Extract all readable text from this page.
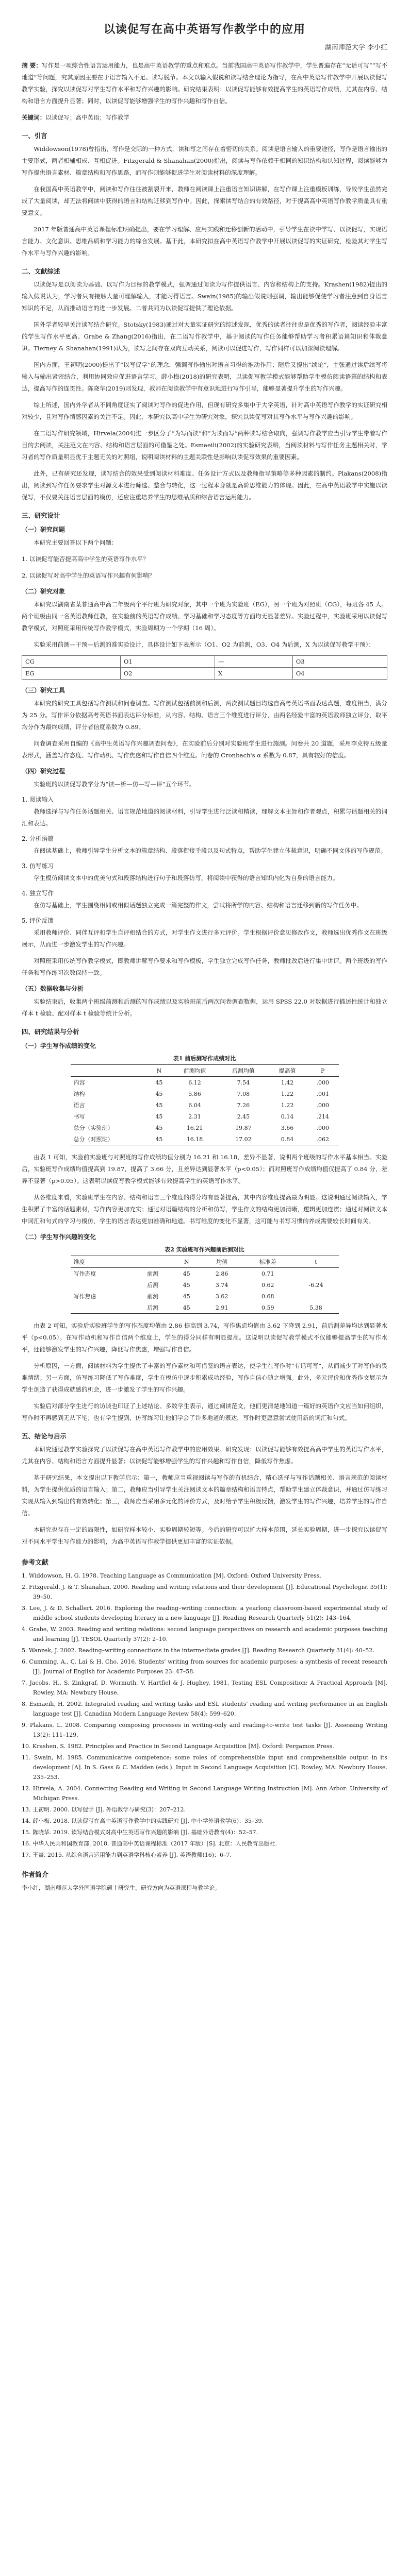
以读促写在高中英语写作教学中的应用
湖南师范大学 李小红

摘 要：写作是一项综合性语言运用能力，也是高中英语教学的重点和难点。当前我国高中英语写作教学中，学生普遍存在“无话可写”“写不地道”等问题，究其原因主要在于语言输入不足、读写脱节。本文以输入假说和读写结合理论为指导，在高中英语写作教学中开展以读促写教学实验，探究以读促写对学生写作水平和写作兴趣的影响。研究结果表明：以读促写能够有效提高学生的英语写作成绩，尤其在内容、结构和语言方面提升显著；同时，以读促写能够增强学生的写作兴趣和写作自信。

关键词：以读促写；高中英语；写作教学

一、引言

Widdowson(1978)曾指出，写作是交际的一种方式，读和写之间存在着密切的关系。阅读是语言输入的重要途径，写作是语言输出的主要形式，两者相辅相成、互相促进。Fitzgerald & Shanahan(2000)指出，阅读与写作依赖于相同的知识结构和认知过程，阅读能够为写作提供语言素材、篇章结构和写作思路，而写作则能够促进学生对阅读材料的深度理解。

在我国高中英语教学中，阅读和写作往往被割裂开来，教师在阅读课上注重语言知识讲解，在写作课上注重模板训练，导致学生虽然完成了大量阅读，却无法将阅读中获得的语言和结构迁移到写作中。因此，探索读写结合的有效路径，对于提高高中英语写作教学质量具有重要意义。

2017 年版普通高中英语课程标准明确提出，要在学习理解、应用实践和迁移创新的活动中，引导学生在读中学写、以读促写，实现语言能力、文化意识、思维品质和学习能力的综合发展。基于此，本研究拟在高中英语写作教学中开展以读促写的实证研究，检验其对学生写作水平与写作兴趣的影响。

二、文献综述

以读促写是以阅读为基础、以写作为目标的教学模式，强调通过阅读为写作提供语言、内容和结构上的支持。Krashen(1982)提出的输入假说认为，学习者只有接触大量可理解输入，才能习得语言。Swain(1985)的输出假说则强调，输出能够促使学习者注意到自身语言知识的不足，从而推动语言的进一步发展。二者共同为以读促写提供了理论依据。

国外学者较早关注读写结合研究。Stotsky(1983)通过对大量实证研究的综述发现，优秀的读者往往也是优秀的写作者，阅读经验丰富的学生写作水平更高。Grabe & Zhang(2016)指出，在二语写作教学中，基于阅读的写作任务能够帮助学习者积累语篇知识和体裁意识。Tierney & Shanahan(1991)认为，读写之间存在双向互动关系，阅读可以促进写作，写作同样可以加深阅读理解。

国内方面，王初明(2000)提出了“以写促学”的理念，强调写作输出对语言习得的推动作用；随后又提出“续论”，主张通过读后续写将输入与输出紧密结合，利用协同效应促进语言学习。薛小梅(2018)的研究表明，以读促写教学模式能够帮助学生模仿阅读语篇的结构和表达，提高写作的连贯性。陈晓华(2019)则发现，教师在阅读教学中有意识地进行写作引导，能够显著提升学生的写作兴趣。

综上所述，国内外学者从不同角度证实了阅读对写作的促进作用，但现有研究多集中于大学英语，针对高中英语写作教学的实证研究相对较少，且对写作情感因素的关注不足。因此，本研究以高中学生为研究对象，探究以读促写对其写作水平与写作兴趣的影响。

在二语写作研究领域，Hirvela(2004)进一步区分了“为写而读”和“为读而写”两种读写结合取向，强调写作教学应当引导学生带着写作目的去阅读，关注范文在内容、结构和语言层面的可借鉴之处。Esmaeili(2002)的实验研究表明，当阅读材料与写作任务主题相关时，学习者的写作质量明显优于主题无关的对照组，说明阅读材料的主题关联性是影响以读促写效果的重要因素。

此外，已有研究还发现，读写结合的效果受到阅读材料难度、任务设计方式以及教师指导策略等多种因素的制约。Plakans(2008)指出，阅读到写作任务要求学生对源文本进行筛选、整合与转化，这一过程本身就是高阶思维能力的体现。因此，在高中英语教学中实施以读促写，不仅要关注语言层面的模仿，还应注重培养学生的思维品质和综合语言运用能力。

三、研究设计
（一）研究问题

本研究主要回答以下两个问题：

1. 以读促写能否提高高中学生的英语写作水平？

2. 以读促写对高中学生的英语写作兴趣有何影响？

（二）研究对象

本研究以湖南省某普通高中高二年级两个平行班为研究对象，其中一个班为实验班（EG），另一个班为对照班（CG），每班各 45 人。两个班级由同一名英语教师任教，在实验前的英语写作成绩、学习基础和学习态度等方面均无显著差异。实验过程中，实验班采用以读促写教学模式，对照班采用传统写作教学模式，实验周期为一个学期（16 周）。

实验采用前测—干预—后测的准实验设计，具体设计如下表所示（O1、O2 为前测，O3、O4 为后测，X 为以读促写教学干预）：

CG	O1	—	O3
EG	O2	X	O4
（三）研究工具

本研究的研究工具包括写作测试和问卷调查。写作测试包括前测和后测，两次测试题目均选自高考英语书面表达真题，难度相当，满分为 25 分。写作评分依据高考英语书面表达评分标准，从内容、结构、语言三个维度进行评分，由两名经验丰富的英语教师独立评分，取平均分作为最终成绩，评分者信度系数为 0.89。

问卷调查采用自编的《高中生英语写作兴趣调查问卷》，在实验前后分别对实验班学生进行施测。问卷共 20 道题，采用李克特五级量表形式，涵盖写作态度、写作动机、写作焦虑和写作自信四个维度。问卷的 Cronbach's α 系数为 0.87，具有较好的信度。

（四）研究过程

实验班的以读促写教学分为“读—析—仿—写—评”五个环节。

1. 阅读输入

教师选择与写作任务话题相关、语言规范地道的阅读材料，引导学生进行泛读和精读，理解文本主旨和作者观点，积累与话题相关的词汇和表达。

2. 分析语篇

在阅读基础上，教师引导学生分析文本的篇章结构、段落衔接手段以及句式特点，帮助学生建立体裁意识，明确不同文体的写作规范。

3. 仿写练习

学生模仿阅读文本中的优美句式和段落结构进行句子和段落仿写，将阅读中获得的语言知识内化为自身的语言能力。

4. 独立写作

在仿写基础上，学生围绕相同或相似话题独立完成一篇完整的作文，尝试将所学的内容、结构和语言迁移到新的写作任务中。

5. 评价反馈

采用教师评价、同伴互评和学生自评相结合的方式，对学生作文进行多元评价。学生根据评价意见修改作文，教师选出优秀作文在班级展示，从而进一步激发学生的写作兴趣。

对照班采用传统写作教学模式，即教师讲解写作要求和写作模板，学生独立完成写作任务，教师批改后进行集中讲评。两个班级的写作任务和写作练习次数保持一致。

（五）数据收集与分析

实验结束后，收集两个班级前测和后测的写作成绩以及实验班前后两次问卷调查数据，运用 SPSS 22.0 对数据进行描述性统计和独立样本 t 检验、配对样本 t 检验等统计分析。

四、研究结果与分析
（一）学生写作成绩的变化
表1 前后测写作成绩对比
	N	前测均值	后测均值	提高值	P
内容	45	6.12	7.54	1.42	.000
结构	45	5.86	7.08	1.22	.001
语言	45	6.04	7.26	1.22	.000
书写	45	2.31	2.45	0.14	.214
总分（实验班）	45	16.21	19.87	3.66	.000
总分（对照班）	45	16.18	17.02	0.84	.062

由表 1 可知，实验前实验班与对照班的写作成绩均值分别为 16.21 和 16.18，差异不显著，说明两个班级的写作水平基本相当。实验后，实验班写作成绩均值提高到 19.87，提高了 3.66 分，且差异达到显著水平（p<0.05）；而对照班写作成绩均值仅提高了 0.84 分，差异不显著（p>0.05）。这表明以读促写教学模式能够有效提高学生的英语写作水平。

从各维度来看，实验班学生在内容、结构和语言三个维度的得分均有显著提高，其中内容维度提高最为明显。这说明通过阅读输入，学生积累了丰富的话题素材，写作内容更加充实；通过对语篇结构的分析和仿写，学生作文的结构更加清晰，逻辑更加连贯；通过对阅读文本中词汇和句式的学习与模仿，学生的语言表达更加准确和地道。书写维度的变化不显著，这可能与书写习惯的养成需要较长时间有关。

（二）学生写作兴趣的变化
表2 实验班写作兴趣前后测对比
维度		N	均值	标准差	t
写作态度	前测	45	2.86	0.71	
	后测	45	3.74	0.62	-6.24
写作焦虑	前测	45	3.62	0.68	
	后测	45	2.91	0.59	5.38

由表 2 可知，实验后实验班学生的写作态度均值由 2.86 提高到 3.74，写作焦虑均值由 3.62 下降到 2.91，前后测差异均达到显著水平（p<0.05）。在写作动机和写作自信两个维度上，学生的得分同样有明显提高。这说明以读促写教学模式不仅能够提高学生的写作水平，还能够激发学生的写作兴趣，降低写作焦虑，增强写作自信。

分析原因，一方面，阅读材料为学生提供了丰富的写作素材和可借鉴的语言表达，使学生在写作时“有话可写”，从而减少了对写作的畏难情绪；另一方面，仿写练习降低了写作难度，学生在模仿中逐步积累成功经验，写作自信心随之增强。此外，多元评价和优秀作文展示为学生创造了获得成就感的机会，进一步激发了学生的写作兴趣。

实验后对部分学生进行的访谈也印证了上述结论。多数学生表示，通过阅读范文，他们更清楚地知道一篇好的英语作文应当如何组织，写作时不再感到无从下笔；也有学生提到，仿写练习让他们学会了许多地道的表达，写作时更愿意尝试使用新的词汇和句式。

五、结论与启示

本研究通过教学实验探究了以读促写在高中英语写作教学中的应用效果。研究发现：以读促写能够有效提高高中学生的英语写作水平，尤其在内容、结构和语言方面提升显著；以读促写能够增强学生的写作兴趣和写作自信，降低写作焦虑。

基于研究结果，本文提出以下教学启示：第一，教师应当重视阅读与写作的有机结合，精心选择与写作话题相关、语言规范的阅读材料，为学生提供优质的语言输入；第二，教师应当引导学生关注阅读文本的篇章结构和语言特点，帮助学生建立体裁意识，并通过仿写练习实现从输入到输出的有效转化；第三，教师应当采用多元化的评价方式，及时给予学生积极反馈，激发学生的写作兴趣，培养学生的写作自信。

本研究也存在一定的局限性，如研究样本较小、实验周期较短等。今后的研究可以扩大样本范围，延长实验周期，进一步探究以读促写对不同水平学生写作能力的影响，为高中英语写作教学提供更加丰富的实证依据。

参考文献

1. Widdowson, H. G. 1978. Teaching Language as Communication [M]. Oxford: Oxford University Press.

2. Fitzgerald, J. & T. Shanahan. 2000. Reading and writing relations and their development [J]. Educational Psychologist 35(1): 39–50.

3. Lee, J. & D. Schallert. 2016. Exploring the reading–writing connection: a yearlong classroom-based experimental study of middle school students developing literacy in a new language [J]. Reading Research Quarterly 51(2): 143–164.

4. Grabe, W. 2003. Reading and writing relations: second language perspectives on research and academic purposes teaching and learning [J]. TESOL Quarterly 37(2): 2–10.

5. Wanzek, J. 2002. Reading–writing connections in the intermediate grades [J]. Reading Research Quarterly 31(4): 40–52.

6. Cumming, A., C. Lai & H. Cho. 2016. Students' writing from sources for academic purposes: a synthesis of recent research [J]. Journal of English for Academic Purposes 23: 47–58.

7. Jacobs, H., S. Zinkgraf, D. Wormuth, V. Hartfiel & J. Hughey. 1981. Testing ESL Composition: A Practical Approach [M]. Rowley, MA: Newbury House.

8. Esmaeili, H. 2002. Integrated reading and writing tasks and ESL students' reading and writing performance in an English language test [J]. Canadian Modern Language Review 58(4): 599–620.

9. Plakans, L. 2008. Comparing composing processes in writing-only and reading-to-write test tasks [J]. Assessing Writing 13(2): 111–129.

10. Krashen, S. 1982. Principles and Practice in Second Language Acquisition [M]. Oxford: Pergamon Press.

11. Swain, M. 1985. Communicative competence: some roles of comprehensible input and comprehensible output in its development [A]. In S. Gass & C. Madden (eds.). Input in Second Language Acquisition [C]. Rowley, MA: Newbury House. 235–253.

12. Hirvela, A. 2004. Connecting Reading and Writing in Second Language Writing Instruction [M]. Ann Arbor: University of Michigan Press.

13. 王初明. 2000. 以写促学 [J]. 外语教学与研究(3)：207–212.

14. 薛小梅. 2018. 以读促写在高中英语写作教学中的实践研究 [J]. 中小学外语教学(6)：35–39.

15. 陈晓华. 2019. 读写结合模式对高中生英语写作兴趣的影响 [J]. 基础外语教育(4)：52–57.

16. 中华人民共和国教育部. 2018. 普通高中英语课程标准（2017 年版）[S]. 北京：人民教育出版社.

17. 王蔷. 2015. 从综合语言运用能力到英语学科核心素养 [J]. 英语教师(16)：6–7.

作者简介
李小红，湖南师范大学外国语学院硕士研究生，研究方向为英语课程与教学论。
